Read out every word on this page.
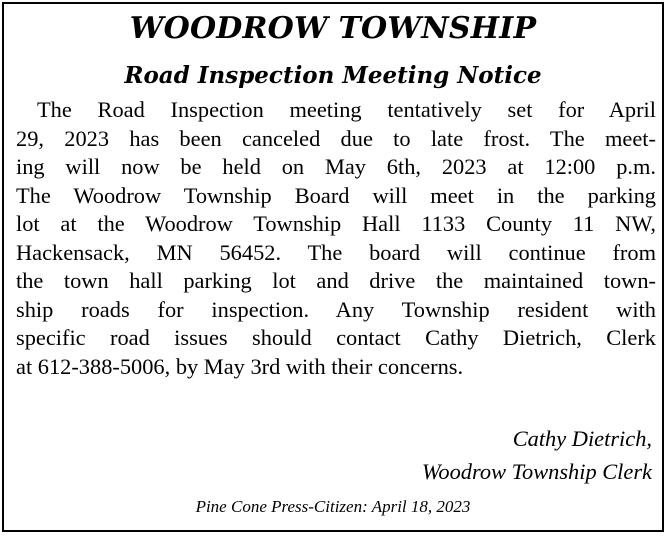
WOODROW TOWNSHIP
Road Inspection Meeting Notice
The Road Inspection meeting tentatively set for April
29, 2023 has been canceled due to late frost. The meet-
ing will now be held on May 6th, 2023 at 12:00 p.m.
The Woodrow Township Board will meet in the parking
lot at the Woodrow Township Hall 1133 County 11 NW,
Hackensack, MN 56452. The board will continue from
the town hall parking lot and drive the maintained town-
ship roads for inspection. Any Township resident with
specific road issues should contact Cathy Dietrich, Clerk
at 612-388-5006, by May 3rd with their concerns.
Cathy Dietrich,
Woodrow Township Clerk
Pine Cone Press-Citizen: April 18, 2023
